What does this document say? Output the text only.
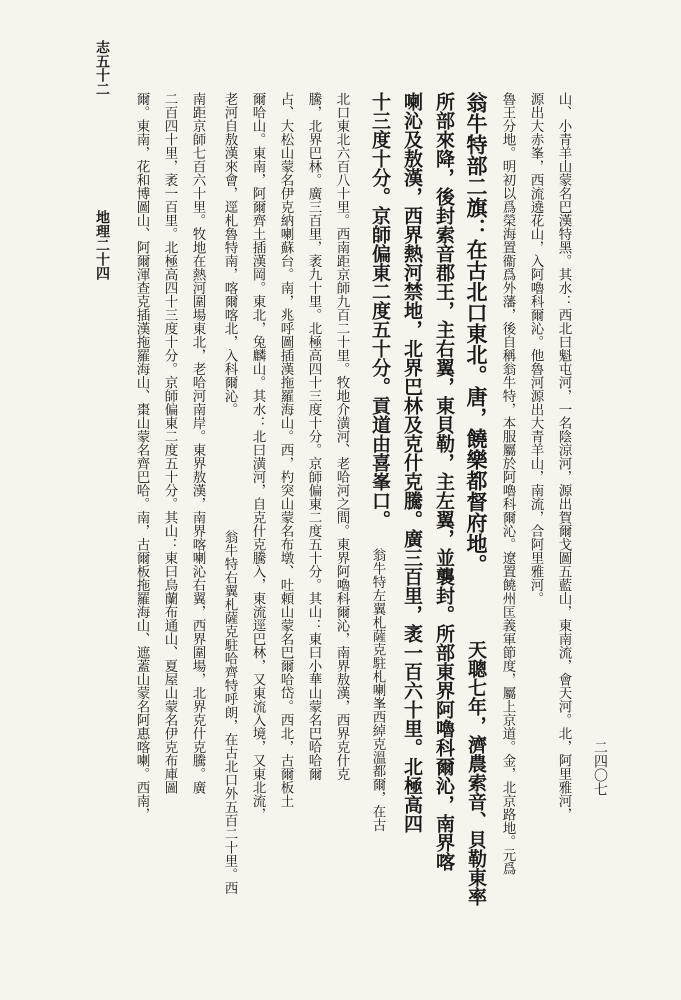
志五十二
地理二十四
二四〇七
山、小青羊山蒙名巴漢特黑。其水：西北曰魁屯河，一名陰涼河，源出賀爾戈圖五藍山，東南流，會天河。北，阿里雅河，
源出大赤峯，西流遶花山，入阿嚕科爾沁。他魯河源出大青羊山，南流，合阿里雅河。
魯王分地。明初以爲榮海置衞爲外藩，後自稱翁牛特，本服屬於阿嚕科爾沁。遼置饒州匡義軍節度，屬上京道。金，北京路地。元爲
翁牛特部二旗：在古北口東北。唐，饒樂都督府地。
天聰七年，濟農索音、貝勒東率
所部來降，後封索音郡王，主右翼，東貝勒，主左翼，並襲封。所部東界阿嚕科爾沁，南界喀
喇沁及敖漢，西界熱河禁地，北界巴林及克什克騰。廣三百里，袤一百六十里。北極高四
十三度十分。京師偏東二度五十分。貢道由喜峯口。
翁牛特左翼札薩克駐札喇峯西綽克溫都爾，在古
北口東北六百八十里。西南距京師九百二十里。牧地介潢河、老哈河之間。東界阿嚕科爾沁，南界敖漢，西界克什克
騰，北界巴林。廣三百里，袤九十里。北極高四十三度十分。京師偏東二度五十分。其山：東曰小華山蒙名巴哈哈爾
占、大松山蒙名伊克納喇蘇台。南，兆呼圖插漢拖羅海山。西，杓突山蒙名布墩、吐頼山蒙名巴爾哈岱。西北，古爾板土
爾哈山。東南，阿爾齊土插漢岡。東北，兔麟山。其水：北曰潢河，自克什克騰入，東流逕巴林，又東流入境，又東北流，
老河自敖漢來會，逕札魯特南，喀爾喀北，入科爾沁。
翁牛特右翼札薩克駐哈齊特呼朗，在古北口外五百二十里。西
南距京師七百六十里。牧地在熱河圍場東北，老哈河南岸。東界敖漢，南界喀喇沁右翼，西界圍場，北界克什克騰。廣
二百四十里，袤一百里。北極高四十三度十分。京師偏東二度五十分。其山：東曰烏蘭布通山、夏屋山蒙名伊克布庫圖
爾。東南，花和博圖山、阿爾渾查克插漢拖羅海山、棗山蒙名齊巴哈。南，古爾板拖羅海山、遮蓋山蒙名阿惠喀喇。西南，
